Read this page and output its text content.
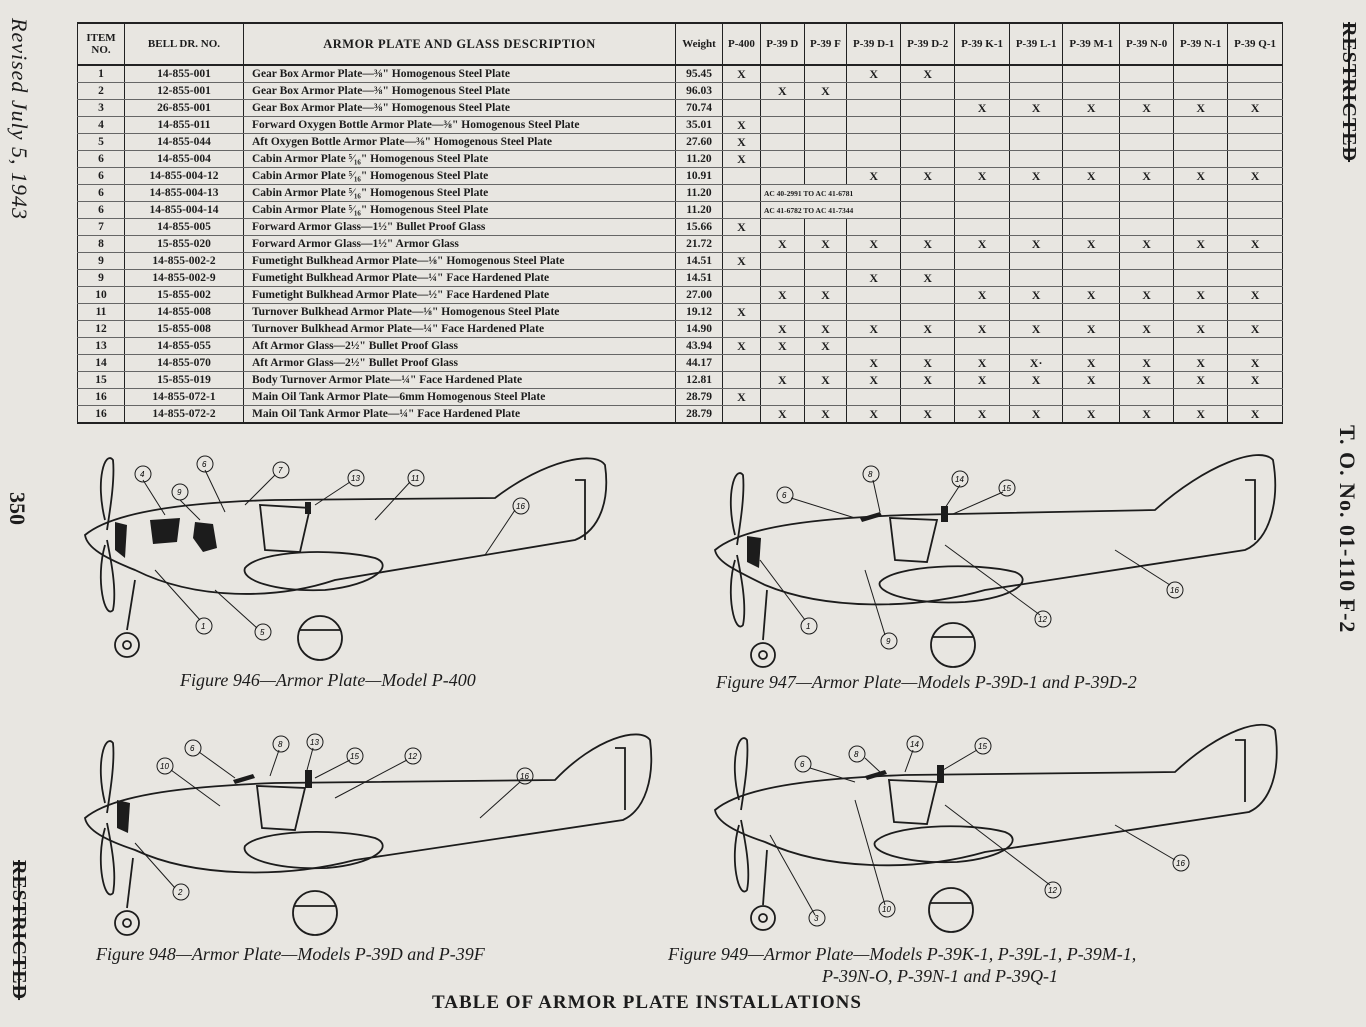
Revised July 5, 1943
350
RESTRICTED
RESTRICTED
T. O. No. 01-110 F-2
ITEM NO.	BELL DR. NO.	ARMOR PLATE AND GLASS DESCRIPTION	Weight	P-400	P-39 D	P-39 F	P-39 D-1	P-39 D-2	P-39 K-1	P-39 L-1	P-39 M-1	P-39 N-0	P-39 N-1	P-39 Q-1
1	14-855-001	Gear Box Armor Plate—⅜" Homogenous Steel Plate	95.45	X			X	X						
2	12-855-001	Gear Box Armor Plate—⅜" Homogenous Steel Plate	96.03		X	X								
3	26-855-001	Gear Box Armor Plate—⅜" Homogenous Steel Plate	70.74						X	X	X	X	X	X
4	14-855-011	Forward Oxygen Bottle Armor Plate—⅜" Homogenous Steel Plate	35.01	X										
5	14-855-044	Aft Oxygen Bottle Armor Plate—⅜" Homogenous Steel Plate	27.60	X										
6	14-855-004	Cabin Armor Plate ⁵⁄₁₆" Homogenous Steel Plate	11.20	X										
6	14-855-004-12	Cabin Armor Plate ⁵⁄₁₆" Homogenous Steel Plate	10.91				X	X	X	X	X	X	X	X
6	14-855-004-13	Cabin Armor Plate ⁵⁄₁₆" Homogenous Steel Plate	11.20		AC 40-2991 TO AC 41-6781									
6	14-855-004-14	Cabin Armor Plate ⁵⁄₁₆" Homogenous Steel Plate	11.20		AC 41-6782 TO AC 41-7344									
7	14-855-005	Forward Armor Glass—1½" Bullet Proof Glass	15.66	X										
8	15-855-020	Forward Armor Glass—1½" Armor Glass	21.72		X	X	X	X	X	X	X	X	X	X
9	14-855-002-2	Fumetight Bulkhead Armor Plate—⅛" Homogenous Steel Plate	14.51	X										
9	14-855-002-9	Fumetight Bulkhead Armor Plate—¼" Face Hardened Plate	14.51				X	X						
10	15-855-002	Fumetight Bulkhead Armor Plate—½" Face Hardened Plate	27.00		X	X			X	X	X	X	X	X
11	14-855-008	Turnover Bulkhead Armor Plate—⅛" Homogenous Steel Plate	19.12	X										
12	15-855-008	Turnover Bulkhead Armor Plate—¼" Face Hardened Plate	14.90		X	X	X	X	X	X	X	X	X	X
13	14-855-055	Aft Armor Glass—2½" Bullet Proof Glass	43.94	X	X	X								
14	14-855-070	Aft Armor Glass—2½" Bullet Proof Glass	44.17				X	X	X	X·	X	X	X	X
15	15-855-019	Body Turnover Armor Plate—¼" Face Hardened Plate	12.81		X	X	X	X	X	X	X	X	X	X
16	14-855-072-1	Main Oil Tank Armor Plate—6mm Homogenous Steel Plate	28.79	X										
16	14-855-072-2	Main Oil Tank Armor Plate—¼" Face Hardened Plate	28.79		X	X	X	X	X	X	X	X	X	X
4
9
6
7
13	11
16
1
5
Figure 946—Armor Plate—Model P-400
6
8
14
15
1
9
12
16
Figure 947—Armor Plate—Models P-39D-1 and P-39D-2
10
6	8	13
15	12
16
2
Figure 948—Armor Plate—Models P-39D and P-39F
6
8
14	15
3
10
12
16
Figure 949—Armor Plate—Models P-39K-1, P-39L-1, P-39M-1,
P-39N-O, P-39N-1 and P-39Q-1
TABLE OF ARMOR PLATE INSTALLATIONS
